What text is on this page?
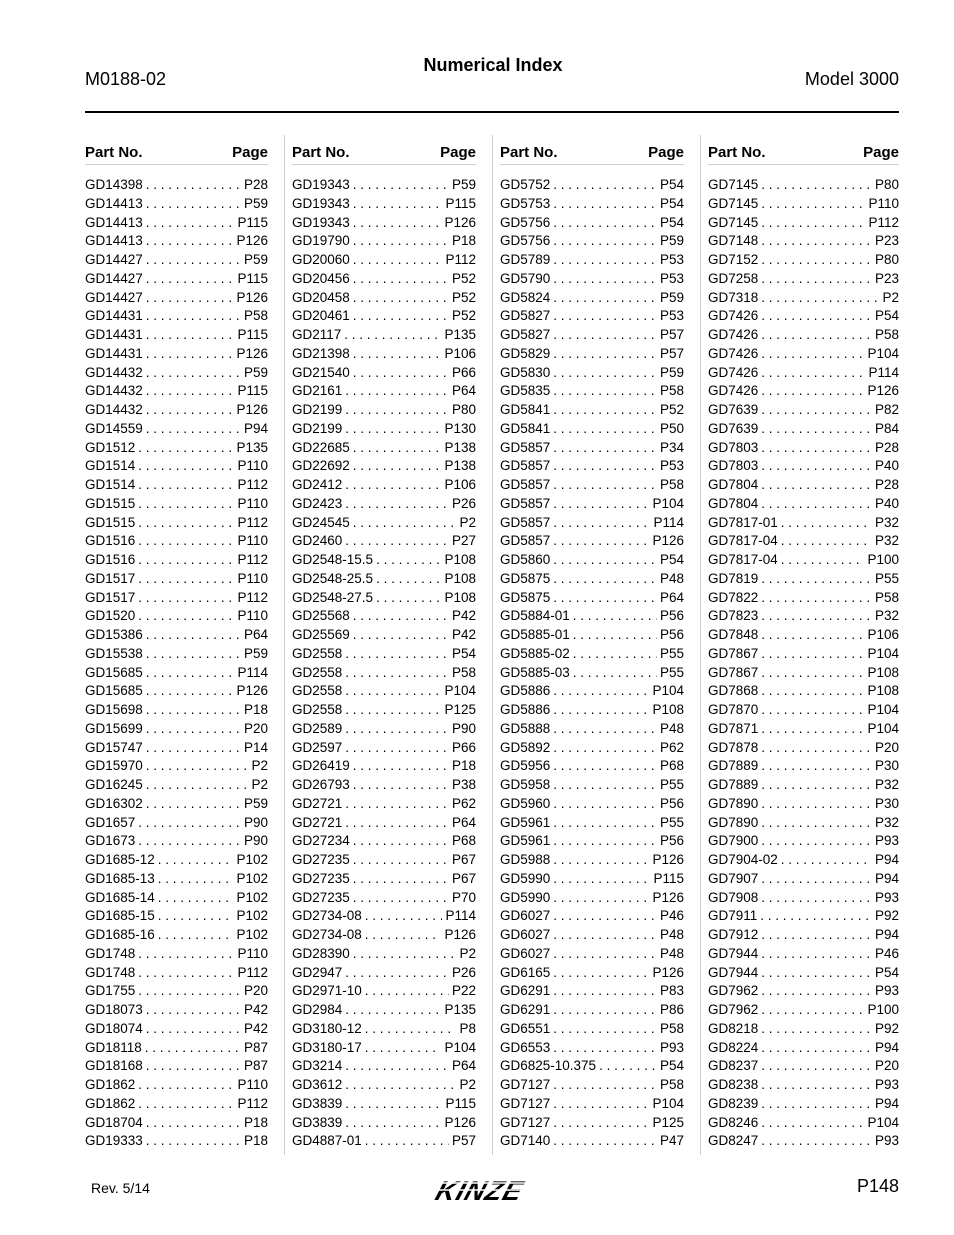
Numerical Index
M0188-02	Model 3000
Part No.	Page
GD14398 . . .	P28
GD14413 . . .	P59
GD14413 . . .	P115
GD14413 . . .	P126
GD14427 . . .	P59
GD14427 . . .	P115
GD14427 . . .	P126
GD14431 . . .	P58
GD14431 . . .	P115
GD14431 . . .	P126
GD14432 . . .	P59
GD14432 . . .	P115
GD14432 . . .	P126
GD14559 . . .	P94
GD1512 . . .	P135
GD1514 . . .	P110
GD1514 . . .	P112
GD1515 . . .	P110
GD1515 . . .	P112
GD1516 . . .	P110
GD1516 . . .	P112
GD1517 . . .	P110
GD1517 . . .	P112
GD1520 . . .	P110
GD15386 . . .	P64
GD15538 . . .	P59
GD15685 . . .	P114
GD15685 . . .	P126
GD15698 . . .	P18
GD15699 . . .	P20
GD15747 . . .	P14
GD15970 . . .	P2
GD16245 . . .	P2
GD16302 . . .	P59
GD1657 . . .	P90
GD1673 . . .	P90
GD1685-12 . . .	P102
GD1685-13 . . .	P102
GD1685-14 . . .	P102
GD1685-15 . . .	P102
GD1685-16 . . .	P102
GD1748 . . .	P110
GD1748 . . .	P112
GD1755 . . .	P20
GD18073 . . .	P42
GD18074 . . .	P42
GD18118 . . .	P87
GD18168 . . .	P87
GD1862 . . .	P110
GD1862 . . .	P112
GD18704 . . .	P18
GD19333 . . .	P18
Part No.	Page
GD19343 . . .	P59
GD19343 . . .	P115
GD19343 . . .	P126
GD19790 . . .	P18
GD20060 . . .	P112
GD20456 . . .	P52
GD20458 . . .	P52
GD20461 . . .	P52
GD2117 . . .	P135
GD21398 . . .	P106
GD21540 . . .	P66
GD2161 . . .	P64
GD2199 . . .	P80
GD2199 . . .	P130
GD22685 . . .	P138
GD22692 . . .	P138
GD2412 . . .	P106
GD2423 . . .	P26
GD24545 . . .	P2
GD2460 . . .	P27
GD2548-15.5 . . .	P108
GD2548-25.5 . . .	P108
GD2548-27.5 . . .	P108
GD25568 . . .	P42
GD25569 . . .	P42
GD2558 . . .	P54
GD2558 . . .	P58
GD2558 . . .	P104
GD2558 . . .	P125
GD2589 . . .	P90
GD2597 . . .	P66
GD26419 . . .	P18
GD26793 . . .	P38
GD2721 . . .	P62
GD2721 . . .	P64
GD27234 . . .	P68
GD27235 . . .	P67
GD27235 . . .	P67
GD27235 . . .	P70
GD2734-08 . . .	P114
GD2734-08 . . .	P126
GD28390 . . .	P2
GD2947 . . .	P26
GD2971-10 . . .	P22
GD2984 . . .	P135
GD3180-12 . . .	P8
GD3180-17 . . .	P104
GD3214 . . .	P64
GD3612 . . .	P2
GD3839 . . .	P115
GD3839 . . .	P126
GD4887-01 . . .	P57
Part No.	Page
GD5752 . . .	P54
GD5753 . . .	P54
GD5756 . . .	P54
GD5756 . . .	P59
GD5789 . . .	P53
GD5790 . . .	P53
GD5824 . . .	P59
GD5827 . . .	P53
GD5827 . . .	P57
GD5829 . . .	P57
GD5830 . . .	P59
GD5835 . . .	P58
GD5841 . . .	P52
GD5841 . . .	P50
GD5857 . . .	P34
GD5857 . . .	P53
GD5857 . . .	P58
GD5857 . . .	P104
GD5857 . . .	P114
GD5857 . . .	P126
GD5860 . . .	P54
GD5875 . . .	P48
GD5875 . . .	P64
GD5884-01 . . .	P56
GD5885-01 . . .	P56
GD5885-02 . . .	P55
GD5885-03 . . .	P55
GD5886 . . .	P104
GD5886 . . .	P108
GD5888 . . .	P48
GD5892 . . .	P62
GD5956 . . .	P68
GD5958 . . .	P55
GD5960 . . .	P56
GD5961 . . .	P55
GD5961 . . .	P56
GD5988 . . .	P126
GD5990 . . .	P115
GD5990 . . .	P126
GD6027 . . .	P46
GD6027 . . .	P48
GD6027 . . .	P48
GD6165 . . .	P126
GD6291 . . .	P83
GD6291 . . .	P86
GD6551 . . .	P58
GD6553 . . .	P93
GD6825-10.375 . . .	P54
GD7127 . . .	P58
GD7127 . . .	P104
GD7127 . . .	P125
GD7140 . . .	P47
Part No.	Page
GD7145 . . .	P80
GD7145 . . .	P110
GD7145 . . .	P112
GD7148 . . .	P23
GD7152 . . .	P80
GD7258 . . .	P23
GD7318 . . .	P2
GD7426 . . .	P54
GD7426 . . .	P58
GD7426 . . .	P104
GD7426 . . .	P114
GD7426 . . .	P126
GD7639 . . .	P82
GD7639 . . .	P84
GD7803 . . .	P28
GD7803 . . .	P40
GD7804 . . .	P28
GD7804 . . .	P40
GD7817-01 . . .	P32
GD7817-04 . . .	P32
GD7817-04 . . .	P100
GD7819 . . .	P55
GD7822 . . .	P58
GD7823 . . .	P32
GD7848 . . .	P106
GD7867 . . .	P104
GD7867 . . .	P108
GD7868 . . .	P108
GD7870 . . .	P104
GD7871 . . .	P104
GD7878 . . .	P20
GD7889 . . .	P30
GD7889 . . .	P32
GD7890 . . .	P30
GD7890 . . .	P32
GD7900 . . .	P93
GD7904-02 . . .	P94
GD7907 . . .	P94
GD7908 . . .	P93
GD7911 . . .	P92
GD7912 . . .	P94
GD7944 . . .	P46
GD7944 . . .	P54
GD7962 . . .	P93
GD7962 . . .	P100
GD8218 . . .	P92
GD8224 . . .	P94
GD8237 . . .	P20
GD8238 . . .	P93
GD8239 . . .	P94
GD8246 . . .	P104
GD8247 . . .	P93
Rev. 5/14	KINZE	P148
